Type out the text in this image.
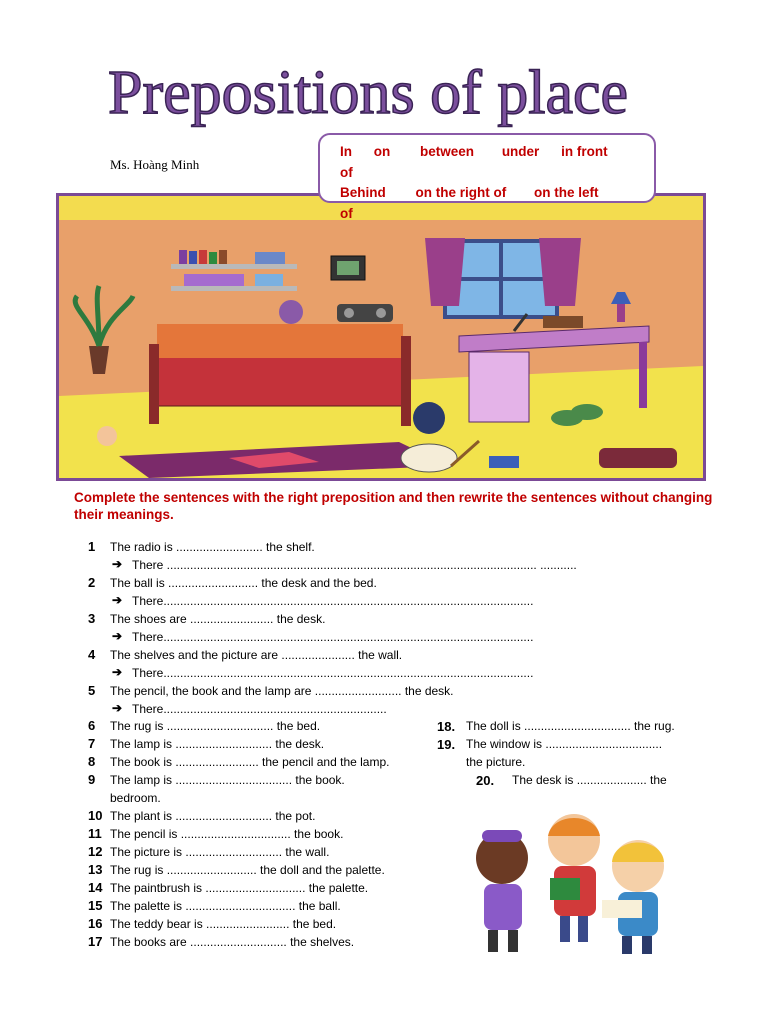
Prepositions of place
Ms. Hoàng Minh
In on between under in front
of
Behind on the right of on the left
of
Complete the sentences with the right preposition and then rewrite the sentences without changing their meanings.
1 The radio is .......................... the shelf.
➔ There ............................................................................................................... ...........
2 The ball is ........................... the desk and the bed.
➔ There...............................................................................................................
3 The shoes are ......................... the desk.
➔ There...............................................................................................................
4 The shelves and the picture are ...................... the wall.
➔ There...............................................................................................................
5 The pencil, the book and the lamp are .......................... the desk.
➔ There...................................................................
6 The rug is ................................ the bed.
7 The lamp is ............................. the desk.
8 The book is ......................... the pencil and the lamp.
9 The lamp is ................................... the book.
bedroom.
10 The plant is ............................. the pot.
11 The pencil is ................................. the book.
12 The picture is ............................. the wall.
13 The rug is ........................... the doll and the palette.
14 The paintbrush is .............................. the palette.
15 The palette is ................................. the ball.
16 The teddy bear is ......................... the bed.
17 The books are ............................. the shelves.
18. The doll is ................................ the rug.
19. The window is ...................................
the picture.
20. The desk is ..................... the
